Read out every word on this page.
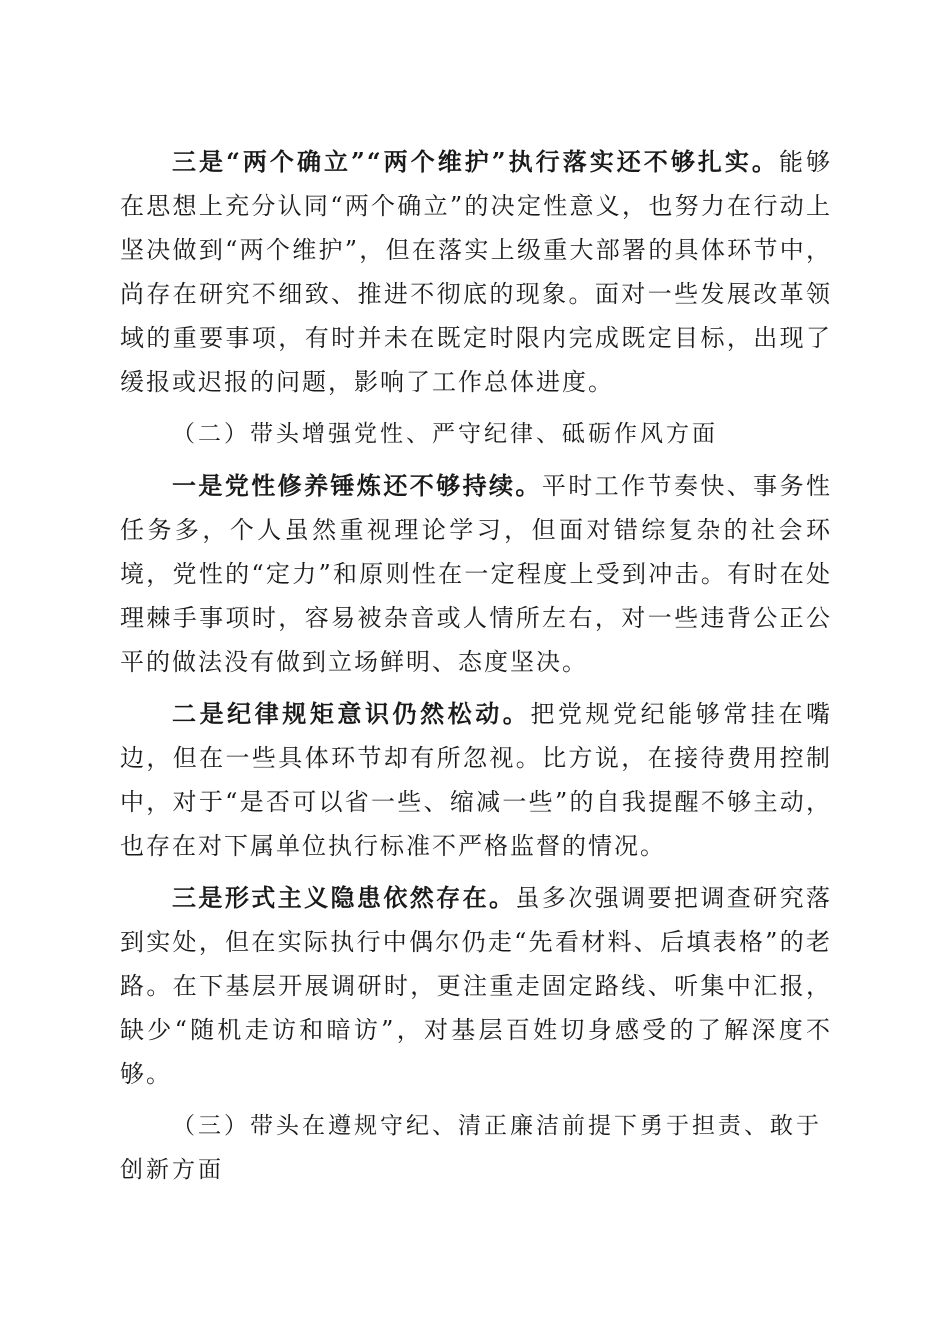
三是“两个确立”“两个维护”执行落实还不够扎实。能够在思想上充分认同“两个确立”的决定性意义，也努力在行动上坚决做到“两个维护”，但在落实上级重大部署的具体环节中，尚存在研究不细致、推进不彻底的现象。面对一些发展改革领域的重要事项，有时并未在既定时限内完成既定目标，出现了缓报或迟报的问题，影响了工作总体进度。

（二）带头增强党性、严守纪律、砥砺作风方面

一是党性修养锤炼还不够持续。平时工作节奏快、事务性任务多，个人虽然重视理论学习，但面对错综复杂的社会环境，党性的“定力”和原则性在一定程度上受到冲击。有时在处理棘手事项时，容易被杂音或人情所左右，对一些违背公正公平的做法没有做到立场鲜明、态度坚决。

二是纪律规矩意识仍然松动。把党规党纪能够常挂在嘴边，但在一些具体环节却有所忽视。比方说，在接待费用控制中，对于“是否可以省一些、缩减一些”的自我提醒不够主动，也存在对下属单位执行标准不严格监督的情况。

三是形式主义隐患依然存在。虽多次强调要把调查研究落到实处，但在实际执行中偶尔仍走“先看材料、后填表格”的老路。在下基层开展调研时，更注重走固定路线、听集中汇报，缺少“随机走访和暗访”，对基层百姓切身感受的了解深度不够。

（三）带头在遵规守纪、清正廉洁前提下勇于担责、敢于创新方面
